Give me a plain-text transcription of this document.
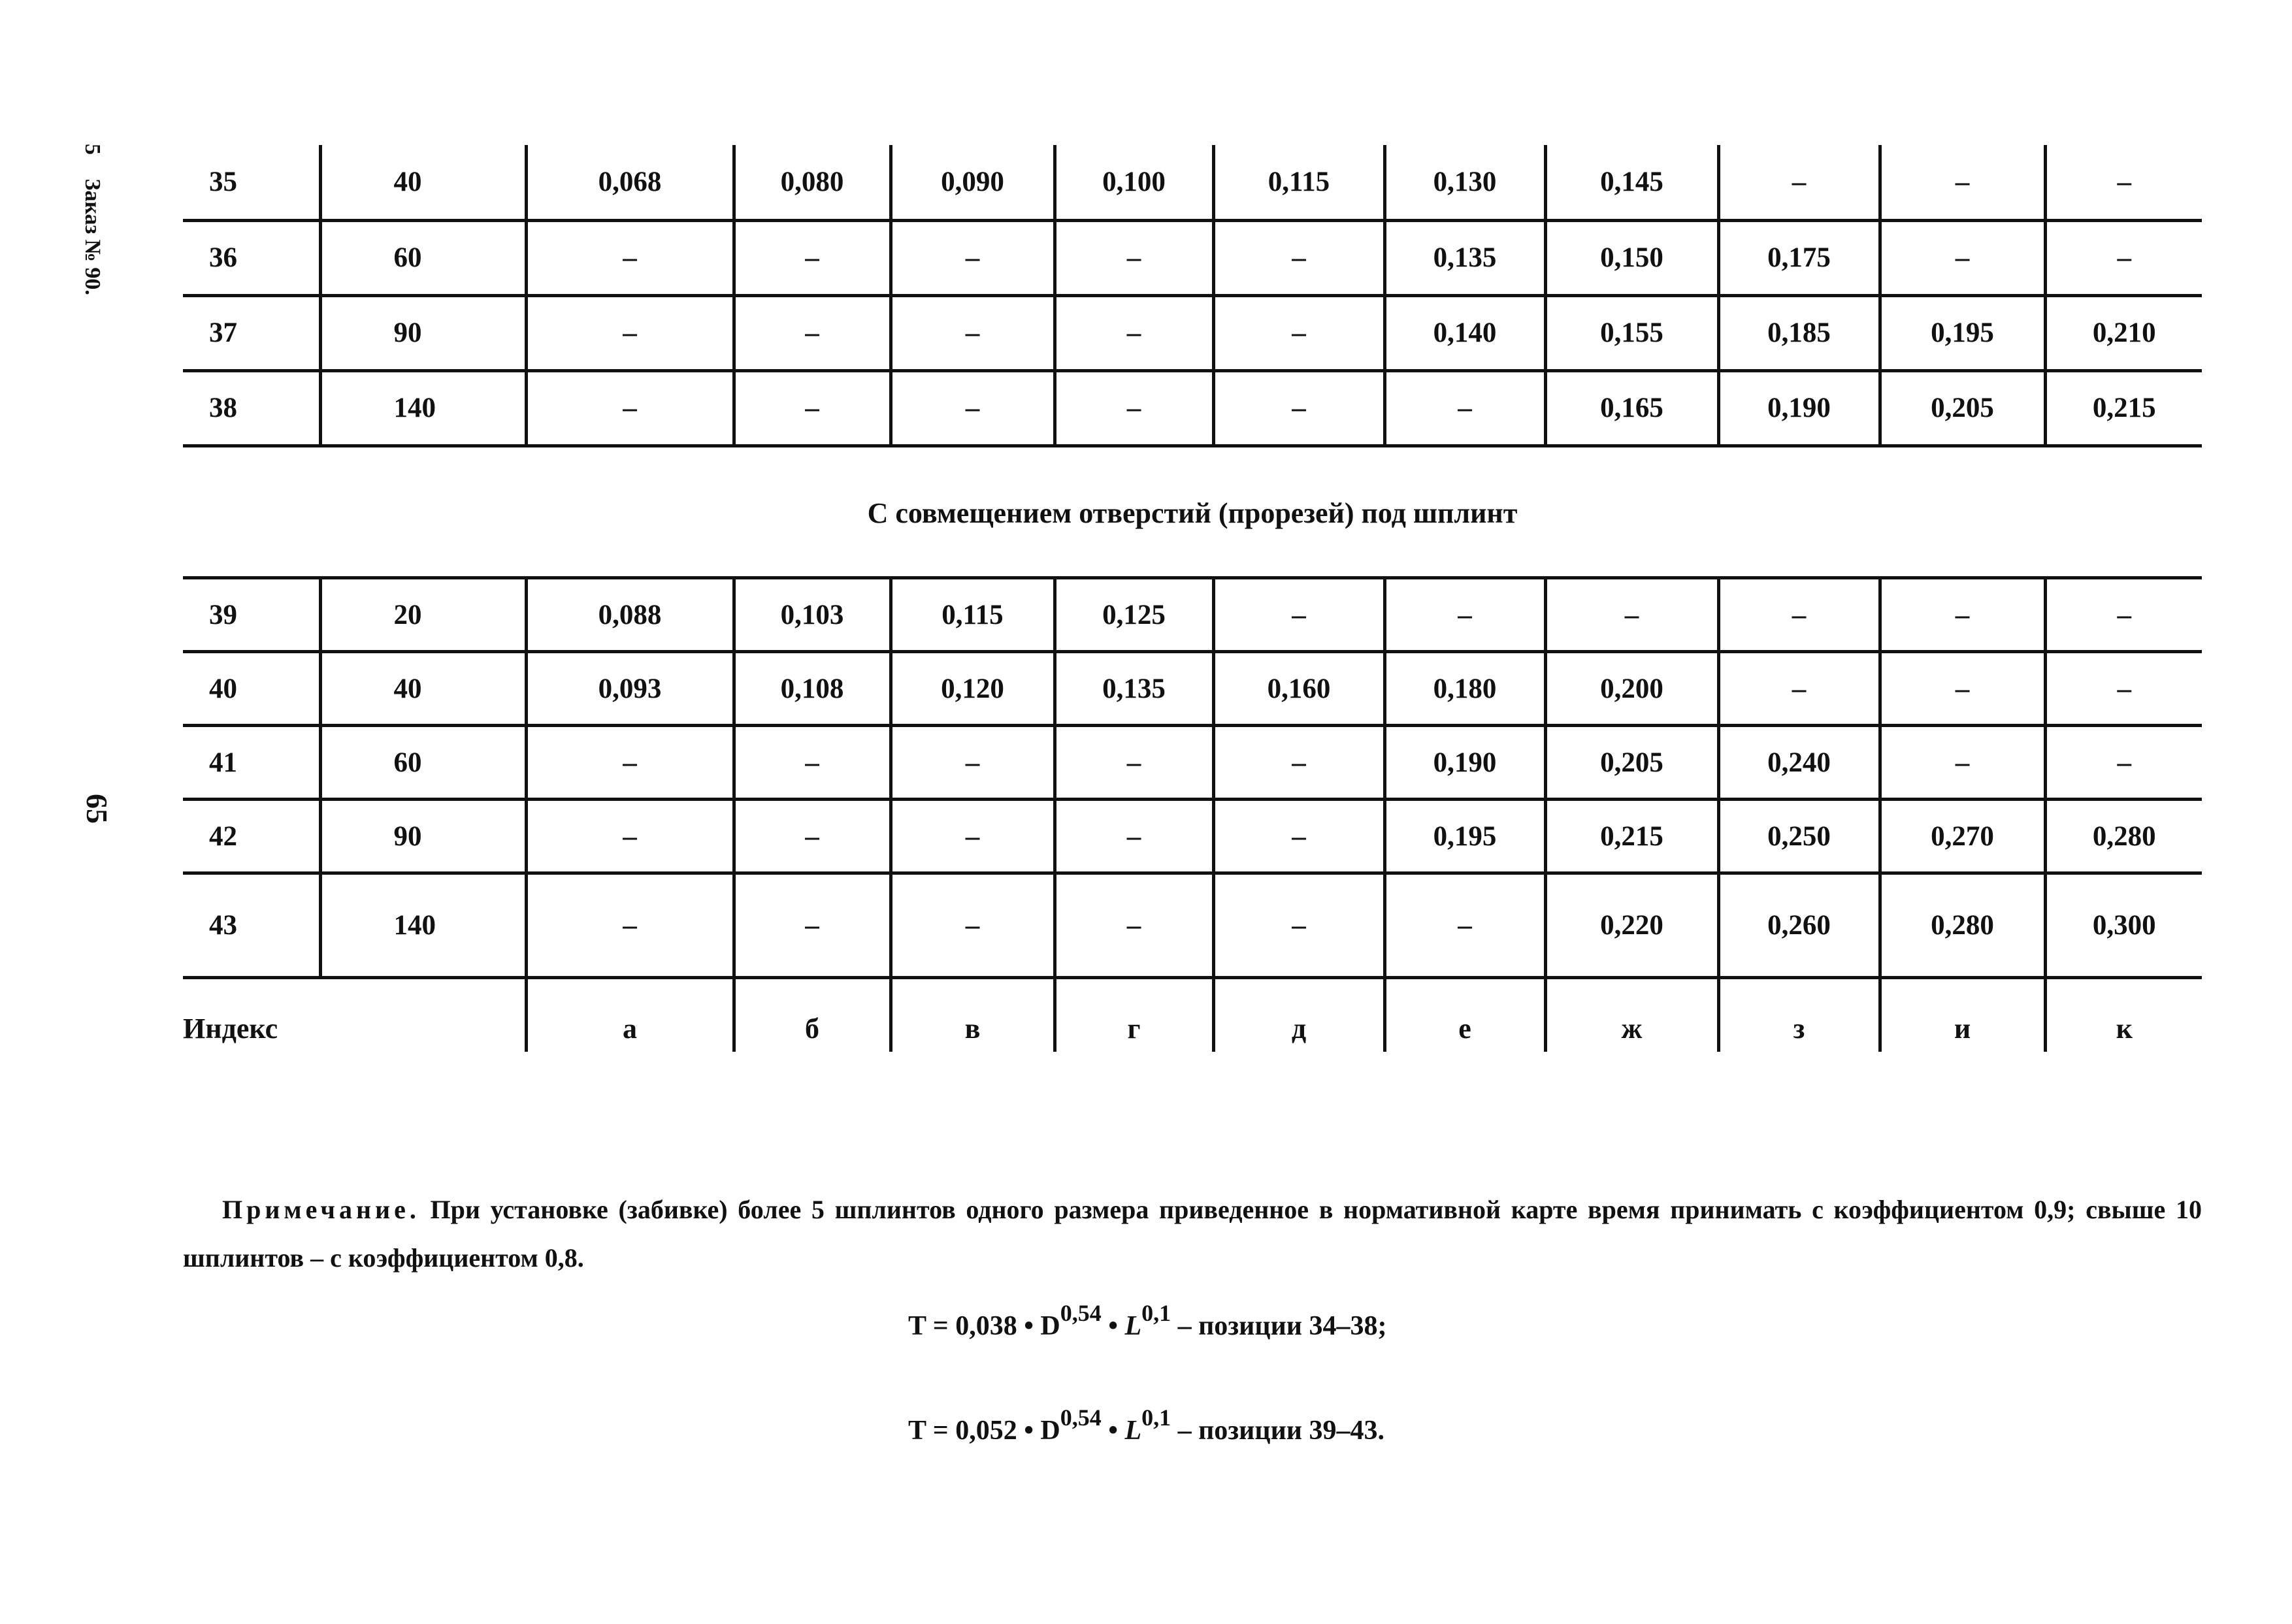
5 Заказ № 90.
65
35	40	0,068	0,080	0,090	0,100	0,115	0,130	0,145	–	–	–
36	60	–	–	–	–	–	0,135	0,150	0,175	–	–
37	90	–	–	–	–	–	0,140	0,155	0,185	0,195	0,210
38	140	–	–	–	–	–	–	0,165	0,190	0,205	0,215
С совмещением отверстий (прорезей) под шплинт
39	20	0,088	0,103	0,115	0,125	–	–	–	–	–	–
40	40	0,093	0,108	0,120	0,135	0,160	0,180	0,200	–	–	–
41	60	–	–	–	–	–	0,190	0,205	0,240	–	–
42	90	–	–	–	–	–	0,195	0,215	0,250	0,270	0,280
43	140	–	–	–	–	–	–	0,220	0,260	0,280	0,300
Индекс		а	б	в	г	д	е	ж	з	и	к

Примечание. При установке (забивке) более 5 шплинтов одного размера приведенное в нормативной карте время принимать с коэффициентом 0,9; свыше 10 шплинтов – с коэффициентом 0,8.

T = 0,038 • D$^{0,54}$ • L$^{0,1}$ – позиции 34–38;
T = 0,052 • D$^{0,54}$ • L$^{0,1}$ – позиции 39–43.
